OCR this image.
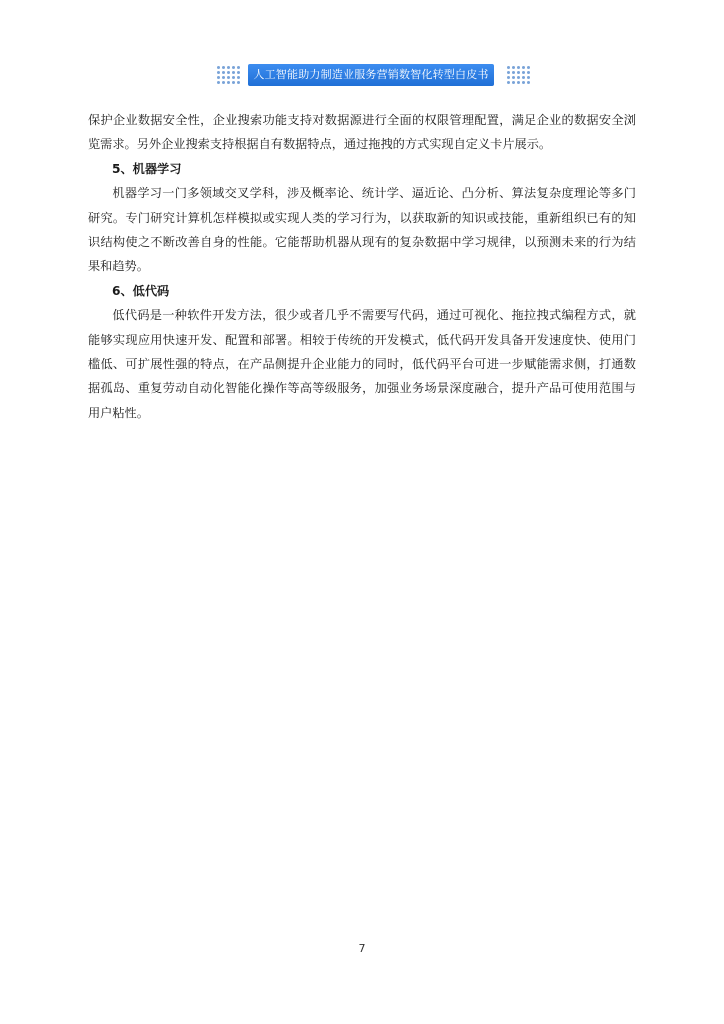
人工智能助力制造业服务营销数智化转型白皮书

保护企业数据安全性，企业搜索功能支持对数据源进行全面的权限管理配置，满足企业的数据安全浏览需求。另外企业搜索支持根据自有数据特点，通过拖拽的方式实现自定义卡片展示。

5、机器学习

机器学习一门多领域交叉学科，涉及概率论、统计学、逼近论、凸分析、算法复杂度理论等多门研究。专门研究计算机怎样模拟或实现人类的学习行为，以获取新的知识或技能，重新组织已有的知识结构使之不断改善自身的性能。它能帮助机器从现有的复杂数据中学习规律，以预测未来的行为结果和趋势。

6、低代码

低代码是一种软件开发方法，很少或者几乎不需要写代码，通过可视化、拖拉拽式编程方式，就能够实现应用快速开发、配置和部署。相较于传统的开发模式，低代码开发具备开发速度快、使用门槛低、可扩展性强的特点，在产品侧提升企业能力的同时，低代码平台可进一步赋能需求侧，打通数据孤岛、重复劳动自动化智能化操作等高等级服务，加强业务场景深度融合，提升产品可使用范围与用户粘性。

7
